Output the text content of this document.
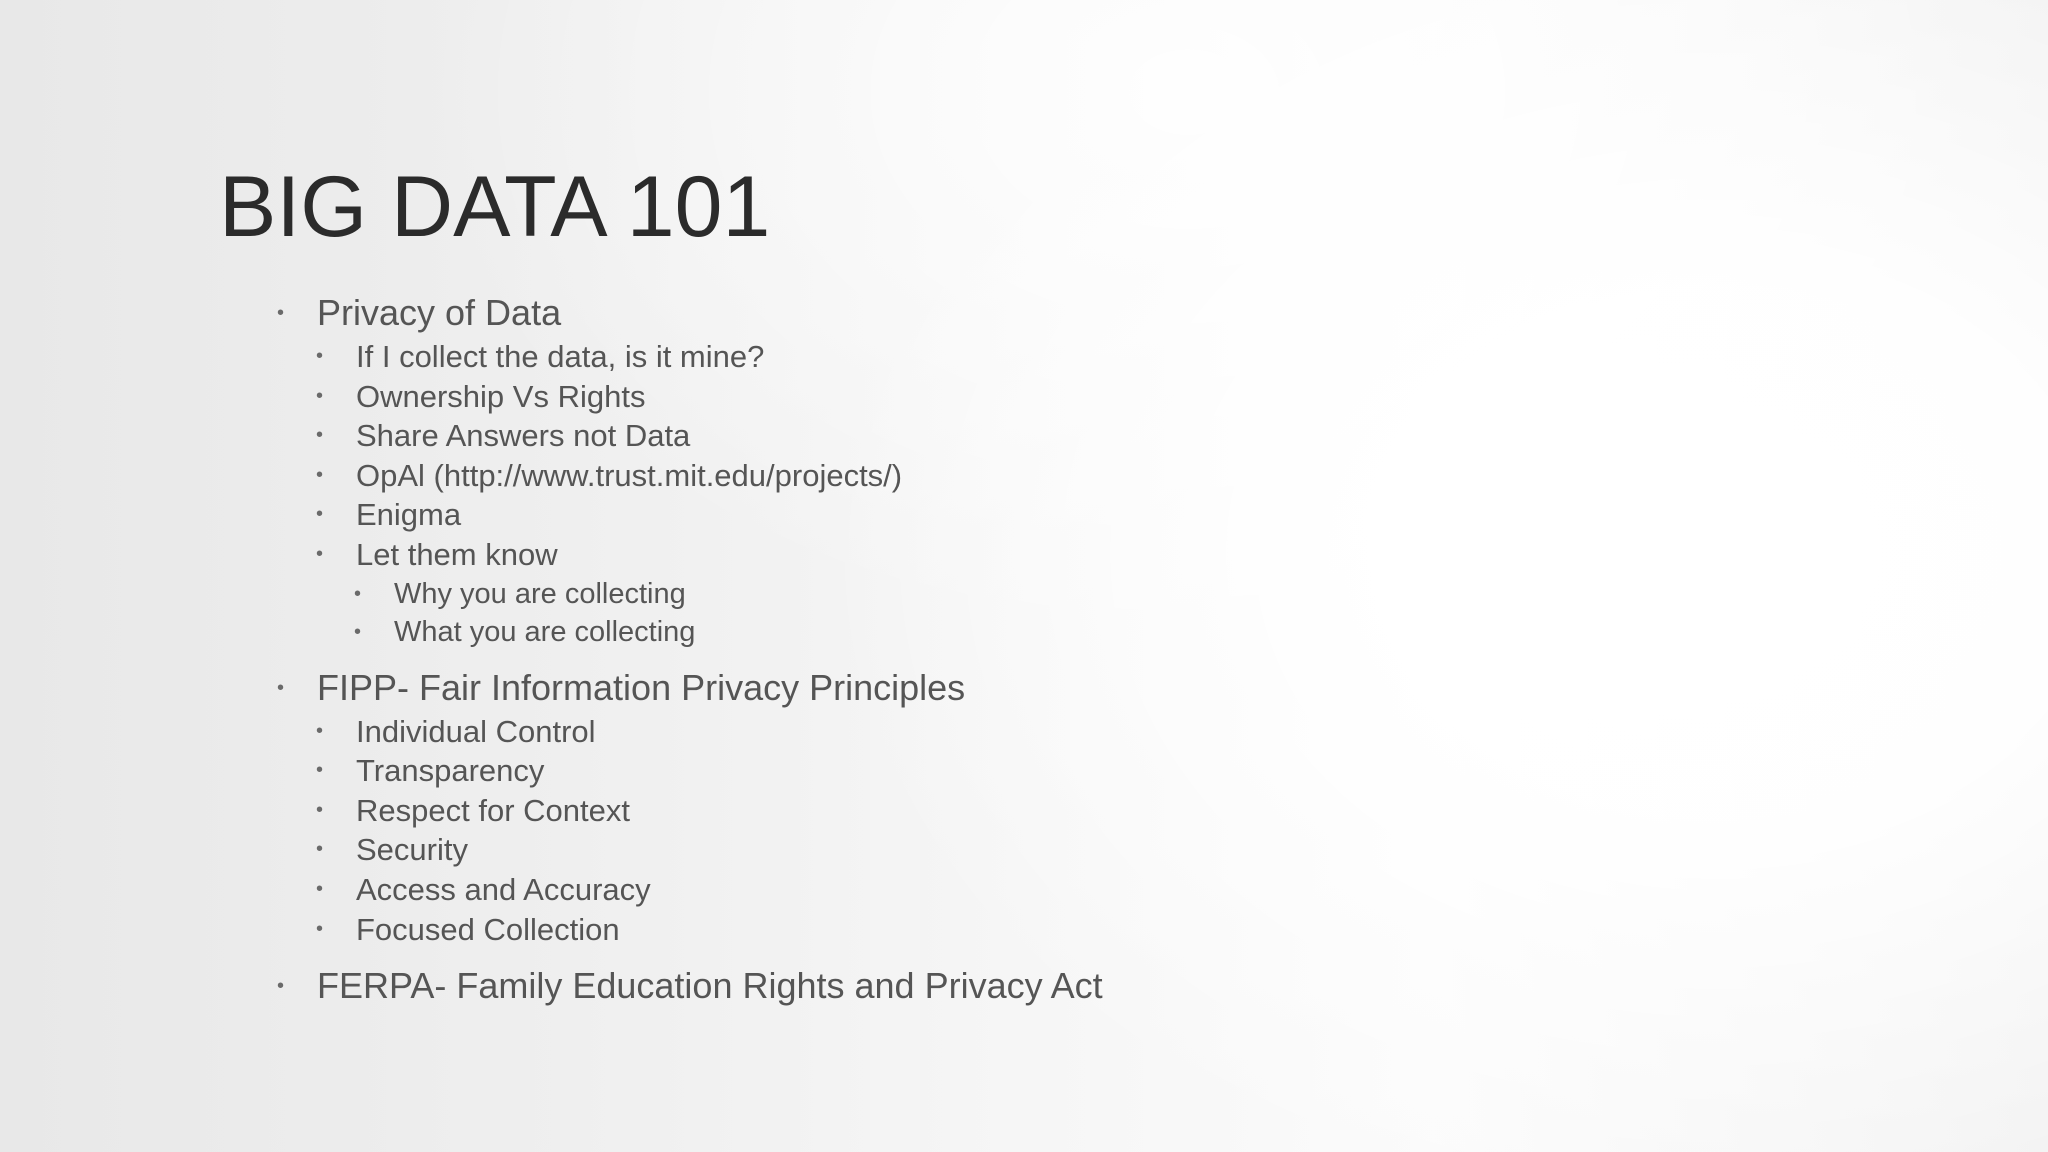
BIG DATA 101
• Privacy of Data
• If I collect the data, is it mine?
• Ownership Vs Rights
• Share Answers not Data
• OpAl (http://www.trust.mit.edu/projects/)
• Enigma
• Let them know
• Why you are collecting
• What you are collecting
• FIPP- Fair Information Privacy Principles
• Individual Control
• Transparency
• Respect for Context
• Security
• Access and Accuracy
• Focused Collection
• FERPA- Family Education Rights and Privacy Act
